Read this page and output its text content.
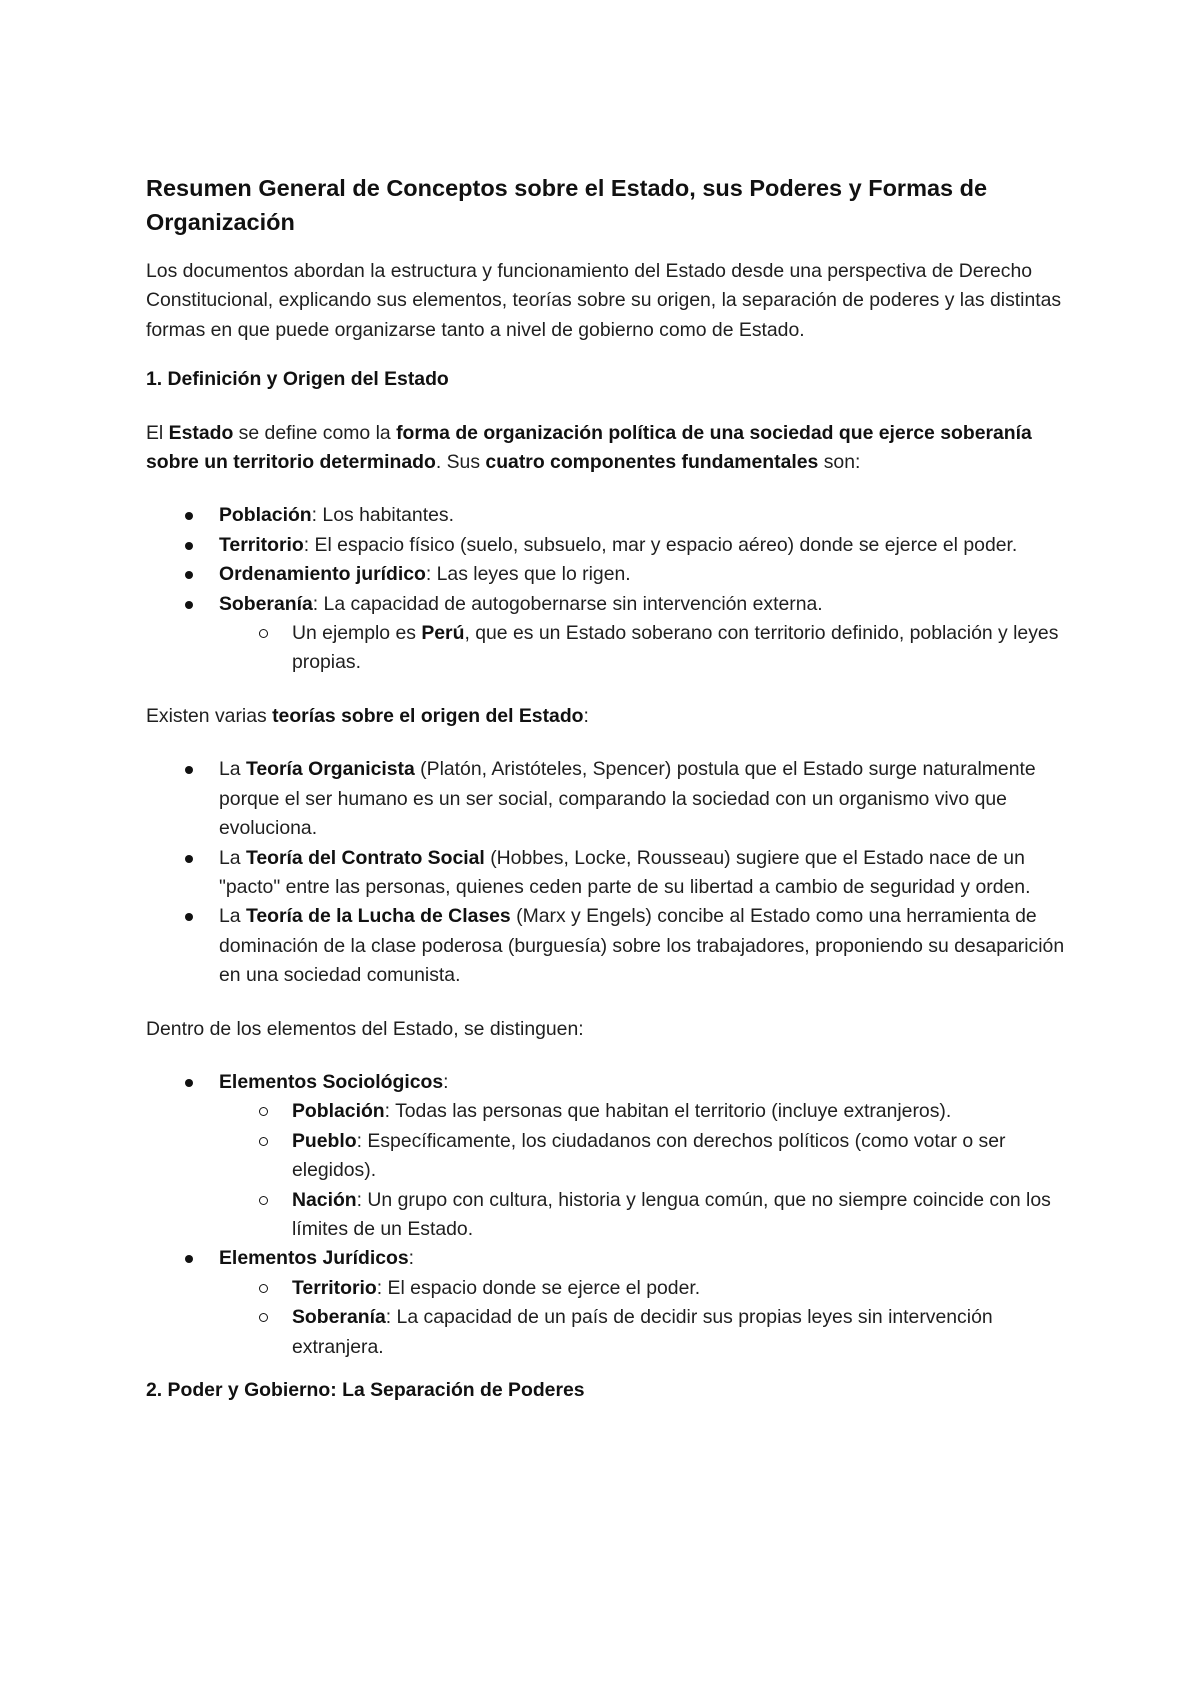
Resumen General de Conceptos sobre el Estado, sus Poderes y Formas de Organización

Los documentos abordan la estructura y funcionamiento del Estado desde una perspectiva de Derecho Constitucional, explicando sus elementos, teorías sobre su origen, la separación de poderes y las distintas formas en que puede organizarse tanto a nivel de gobierno como de Estado.

1. Definición y Origen del Estado

El Estado se define como la forma de organización política de una sociedad que ejerce soberanía sobre un territorio determinado. Sus cuatro componentes fundamentales son:

Población: Los habitantes.
Territorio: El espacio físico (suelo, subsuelo, mar y espacio aéreo) donde se ejerce el poder.
Ordenamiento jurídico: Las leyes que lo rigen.
Soberanía: La capacidad de autogobernarse sin intervención externa.
Un ejemplo es Perú, que es un Estado soberano con territorio definido, población y leyes propias.

Existen varias teorías sobre el origen del Estado:

La Teoría Organicista (Platón, Aristóteles, Spencer) postula que el Estado surge naturalmente porque el ser humano es un ser social, comparando la sociedad con un organismo vivo que evoluciona.
La Teoría del Contrato Social (Hobbes, Locke, Rousseau) sugiere que el Estado nace de un "pacto" entre las personas, quienes ceden parte de su libertad a cambio de seguridad y orden.
La Teoría de la Lucha de Clases (Marx y Engels) concibe al Estado como una herramienta de dominación de la clase poderosa (burguesía) sobre los trabajadores, proponiendo su desaparición en una sociedad comunista.

Dentro de los elementos del Estado, se distinguen:

Elementos Sociológicos:
Población: Todas las personas que habitan el territorio (incluye extranjeros).
Pueblo: Específicamente, los ciudadanos con derechos políticos (como votar o ser elegidos).
Nación: Un grupo con cultura, historia y lengua común, que no siempre coincide con los límites de un Estado.
Elementos Jurídicos:
Territorio: El espacio donde se ejerce el poder.
Soberanía: La capacidad de un país de decidir sus propias leyes sin intervención extranjera.
2. Poder y Gobierno: La Separación de Poderes
